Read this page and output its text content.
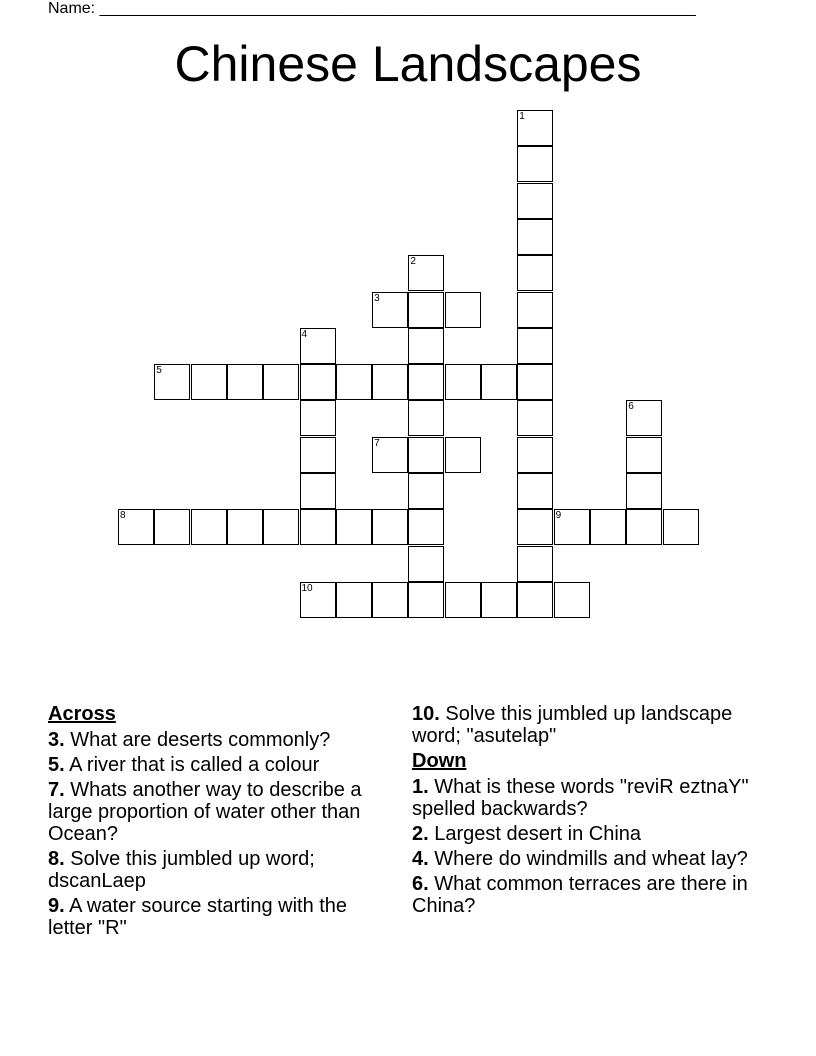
Name: ___________________________________________________________________
Chinese Landscapes
1
2
3
4
5
6
7
8	9
10
Across
3. What are deserts commonly?
5. A river that is called a colour
7. Whats another way to describe a large proportion of water other than Ocean?
8. Solve this jumbled up word; dscanLaep
9. A water source starting with the letter "R"
10. Solve this jumbled up landscape word; "asutelap"
Down
1. What is these words "reviR eztnaY" spelled backwards?
2. Largest desert in China
4. Where do windmills and wheat lay?
6. What common terraces are there in China?
